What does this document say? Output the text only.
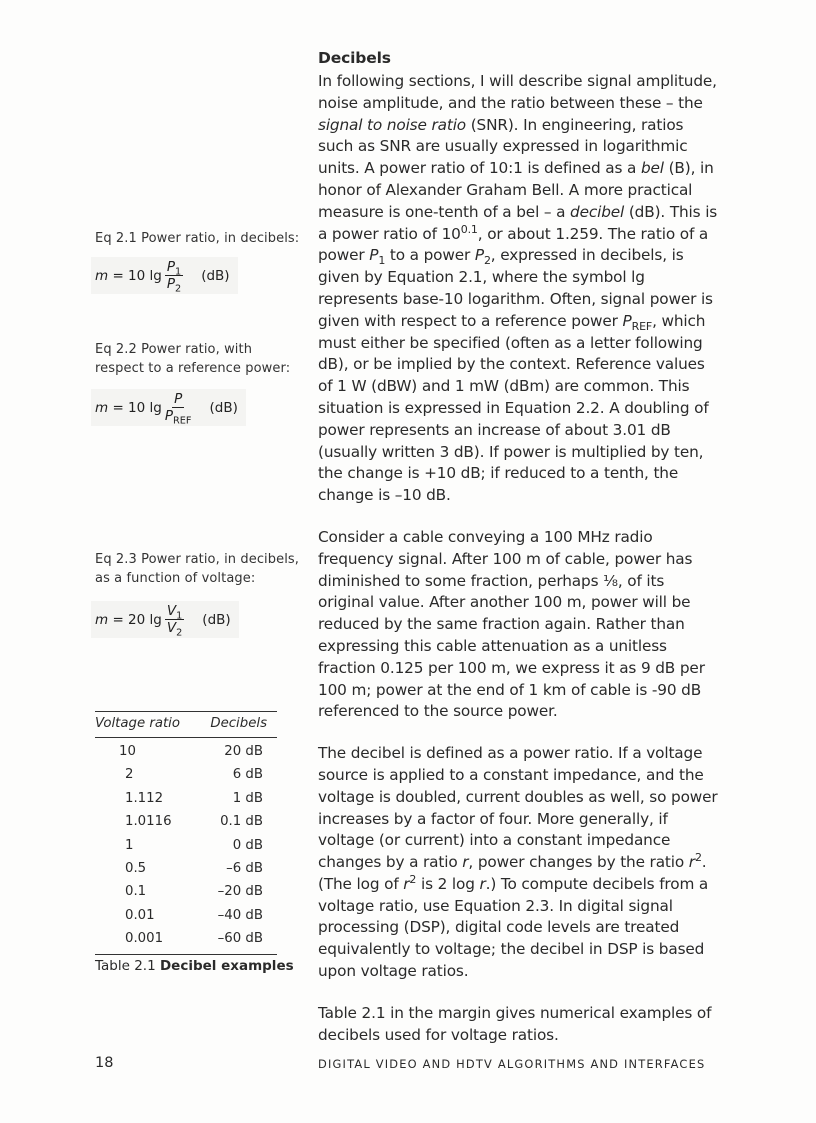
Decibels

In following sections, I will describe signal amplitude, noise amplitude, and the ratio between these – the signal to noise ratio (SNR). In engineering, ratios such as SNR are usually expressed in logarithmic units. A power ratio of 10:1 is defined as a bel (B), in honor of Alexander Graham Bell. A more practical measure is one-tenth of a bel – a decibel (dB). This is a power ratio of $10^{0.1}$, or about 1.259. The ratio of a power $P_1$ to a power $P_2$, expressed in decibels, is given by Equation 2.1, where the symbol lg represents base-10 logarithm. Often, signal power is given with respect to a reference power $P_{REF}$, which must either be specified (often as a letter following dB), or be implied by the context. Reference values of 1 W (dBW) and 1 mW (dBm) are common. This situation is expressed in Equation 2.2. A doubling of power represents an increase of about 3.01 dB (usually written 3 dB). If power is multiplied by ten, the change is +10 dB; if reduced to a tenth, the change is –10 dB.

Consider a cable conveying a 100 MHz radio frequency signal. After 100 m of cable, power has diminished to some fraction, perhaps ⅛, of its original value. After another 100 m, power will be reduced by the same fraction again. Rather than expressing this cable attenuation as a unitless fraction 0.125 per 100 m, we express it as 9 dB per 100 m; power at the end of 1 km of cable is -90 dB referenced to the source power.

The decibel is defined as a power ratio. If a voltage source is applied to a constant impedance, and the voltage is doubled, current doubles as well, so power increases by a factor of four. More generally, if voltage (or current) into a constant impedance changes by a ratio r, power changes by the ratio $r^2$. (The log of $r^2$ is 2 log r.) To compute decibels from a voltage ratio, use Equation 2.3. In digital signal processing (DSP), digital code levels are treated equivalently to voltage; the decibel in DSP is based upon voltage ratios.

Table 2.1 in the margin gives numerical examples of decibels used for voltage ratios.

Eq 2.1 Power ratio, in decibels:
m
= 10 $\lg \frac{P_1}{P_2} (dB)$
Eq 2.2 Power ratio, with respect to a reference power:
m
= 10 $\lg \frac{P}{P_{REF}} (dB)$
Eq 2.3 Power ratio, in decibels, as a function of voltage:
m
= 20 $\lg \frac{V_1}{V_2} (dB)$
Voltage ratio Decibels
10	20 dB
2	6 dB
1.112	1 dB
1.0116	0.1 dB
1	0 dB
0.5	–6 dB
0.1	–20 dB
0.01	–40 dB
0.001	–60 dB
Table 2.1 Decibel examples
18	DIGITAL VIDEO AND HDTV ALGORITHMS AND INTERFACES
